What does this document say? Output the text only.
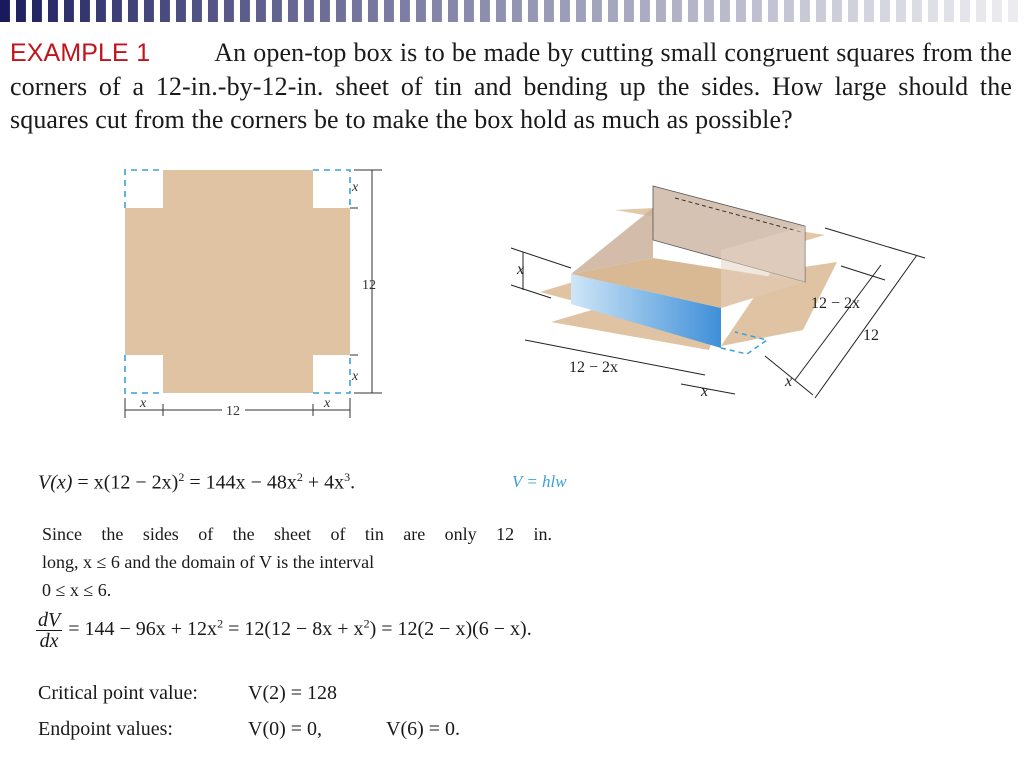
EXAMPLE 1 An open-top box is to be made by cutting small congruent squares from the corners of a 12-in.-by-12-in. sheet of tin and bending up the sides. How large should the squares cut from the corners be to make the box hold as much as possible?
x
12
x
x
12
x
x
12 − 2x
12
12 − 2x
x
x
$V(x) = x(12 - 2x)^2 = 144x - 48x^2 + 4x^3$.	V = hlw
Since the sides of the sheet of tin are only 12 in.
long, x ≤ 6 and the domain of V is the interval
0 ≤ x ≤ 6.
$\frac{dV}{dx} = 144 - 96x + 12x^2 = 12(12 - 8x + x^2) = 12(2 - x)(6 - x)$.
Critical point value:	V(2) = 128
Endpoint values:	V(0) = 0,	V(6) = 0.
